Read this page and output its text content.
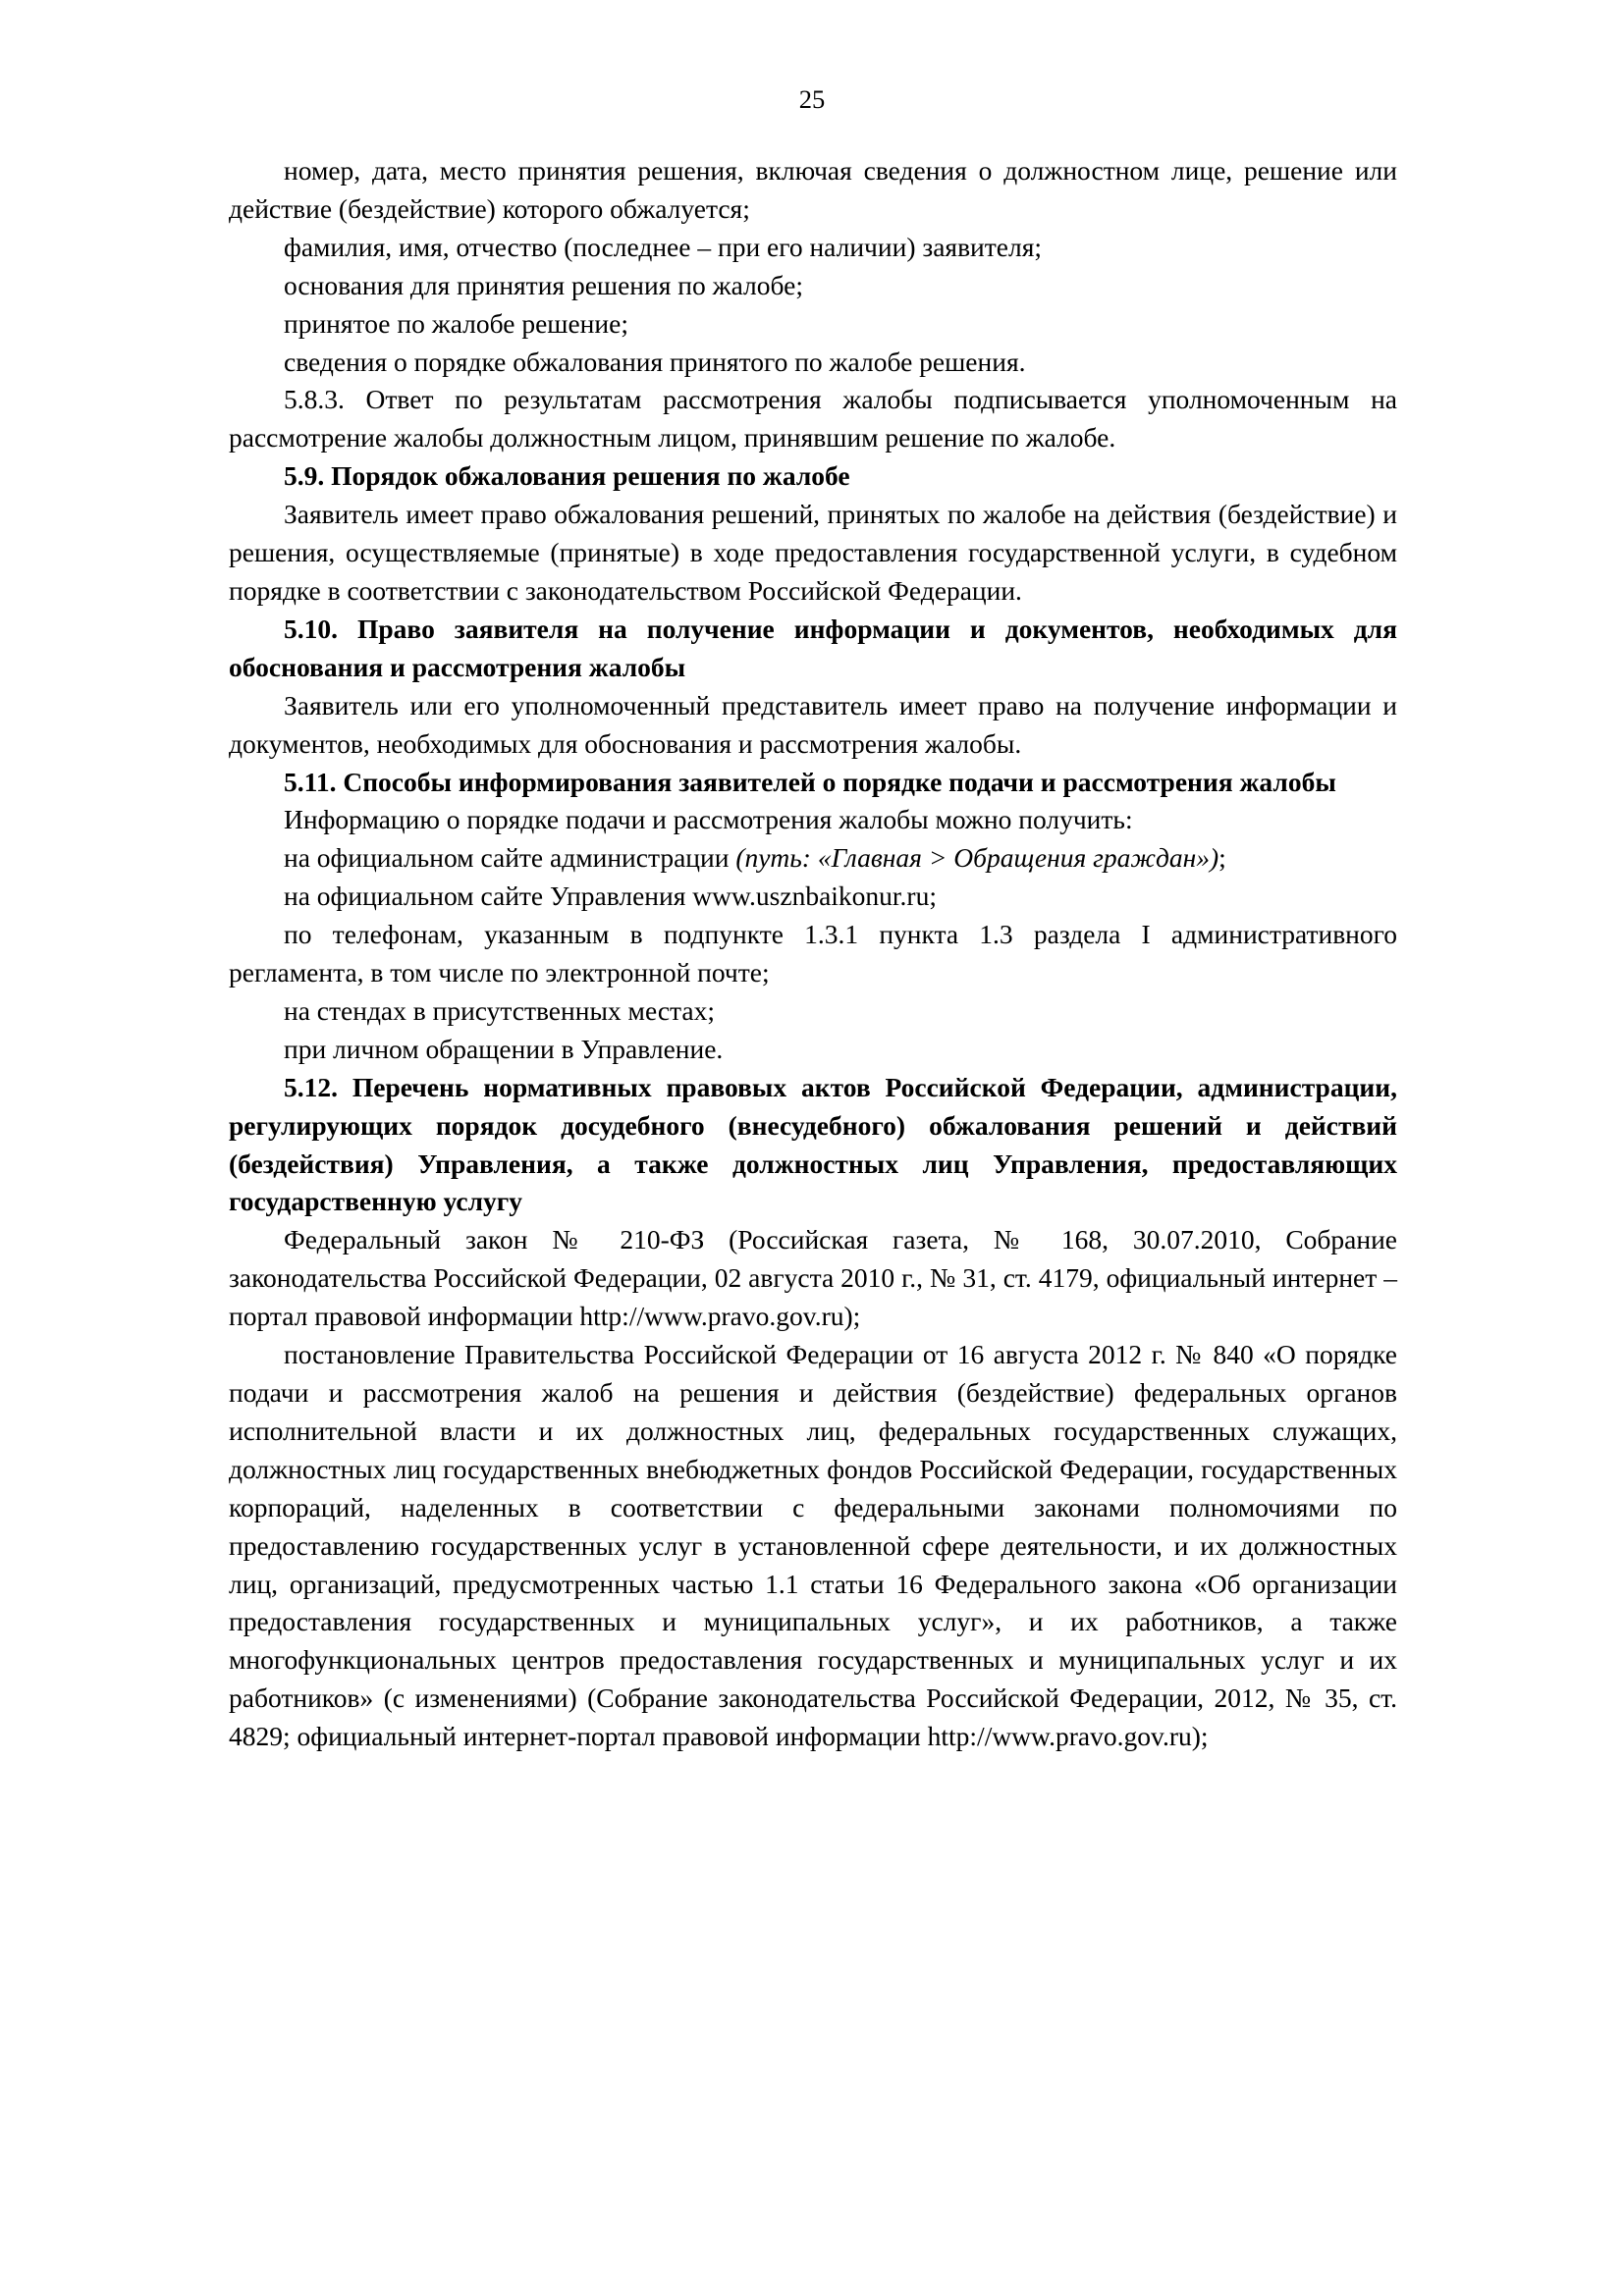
25

номер, дата, место принятия решения, включая сведения о должностном лице, решение или действие (бездействие) которого обжалуется;

фамилия, имя, отчество (последнее – при его наличии) заявителя;

основания для принятия решения по жалобе;

принятое по жалобе решение;

сведения о порядке обжалования принятого по жалобе решения.

5.8.3. Ответ по результатам рассмотрения жалобы подписывается уполномоченным на рассмотрение жалобы должностным лицом, принявшим решение по жалобе.

5.9. Порядок обжалования решения по жалобе

Заявитель имеет право обжалования решений, принятых по жалобе на действия (бездействие) и решения, осуществляемые (принятые) в ходе предоставления государственной услуги, в судебном порядке в соответствии с законодательством Российской Федерации.

5.10. Право заявителя на получение информации и документов, необходимых для обоснования и рассмотрения жалобы

Заявитель или его уполномоченный представитель имеет право на получение информации и документов, необходимых для обоснования и рассмотрения жалобы.

5.11. Способы информирования заявителей о порядке подачи и рассмотрения жалобы

Информацию о порядке подачи и рассмотрения жалобы можно получить:

на официальном сайте администрации (путь: «Главная > Обращения граждан»);

на официальном сайте Управления www.usznbaikonur.ru;

по телефонам, указанным в подпункте 1.3.1 пункта 1.3 раздела I административного регламента, в том числе по электронной почте;

на стендах в присутственных местах;

при личном обращении в Управление.

5.12. Перечень нормативных правовых актов Российской Федерации, администрации, регулирующих порядок досудебного (внесудебного) обжалования решений и действий (бездействия) Управления, а также должностных лиц Управления, предоставляющих государственную услугу

Федеральный закон № 210-ФЗ (Российская газета, № 168, 30.07.2010, Собрание законодательства Российской Федерации, 02 августа 2010 г., № 31, ст. 4179, официальный интернет – портал правовой информации http://www.pravo.gov.ru);

постановление Правительства Российской Федерации от 16 августа 2012 г. № 840 «О порядке подачи и рассмотрения жалоб на решения и действия (бездействие) федеральных органов исполнительной власти и их должностных лиц, федеральных государственных служащих, должностных лиц государственных внебюджетных фондов Российской Федерации, государственных корпораций, наделенных в соответствии с федеральными законами полномочиями по предоставлению государственных услуг в установленной сфере деятельности, и их должностных лиц, организаций, предусмотренных частью 1.1 статьи 16 Федерального закона «Об организации предоставления государственных и муниципальных услуг», и их работников, а также многофункциональных центров предоставления государственных и муниципальных услуг и их работников» (с изменениями) (Собрание законодательства Российской Федерации, 2012, № 35, ст. 4829; официальный интернет-портал правовой информации http://www.pravo.gov.ru);
